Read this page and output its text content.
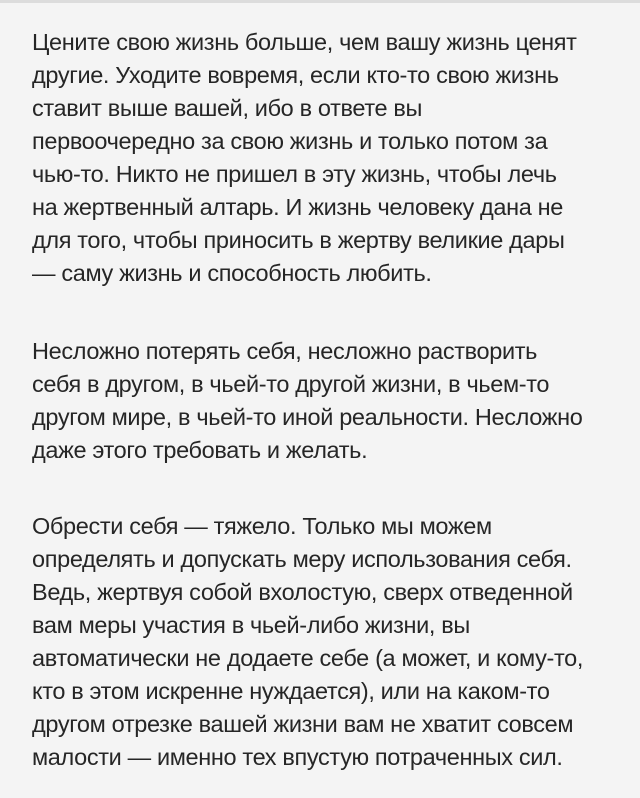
Цените свою жизнь больше, чем вашу жизнь ценят
другие. Уходите вовремя, если кто-то свою жизнь
ставит выше вашей, ибо в ответе вы
первоочередно за свою жизнь и только потом за
чью-то. Никто не пришел в эту жизнь, чтобы лечь
на жертвенный алтарь. И жизнь человеку дана не
для того, чтобы приносить в жертву великие дары
— саму жизнь и способность любить.

Несложно потерять себя, несложно растворить
себя в другом, в чьей-то другой жизни, в чьем-то
другом мире, в чьей-то иной реальности. Несложно
даже этого требовать и желать.

Обрести себя — тяжело. Только мы можем
определять и допускать меру использования себя.
Ведь, жертвуя собой вхолостую, сверх отведенной
вам меры участия в чьей-либо жизни, вы
автоматически не додаете себе (а может, и кому-то,
кто в этом искренне нуждается), или на каком-то
другом отрезке вашей жизни вам не хватит совсем
малости — именно тех впустую потраченных сил.
